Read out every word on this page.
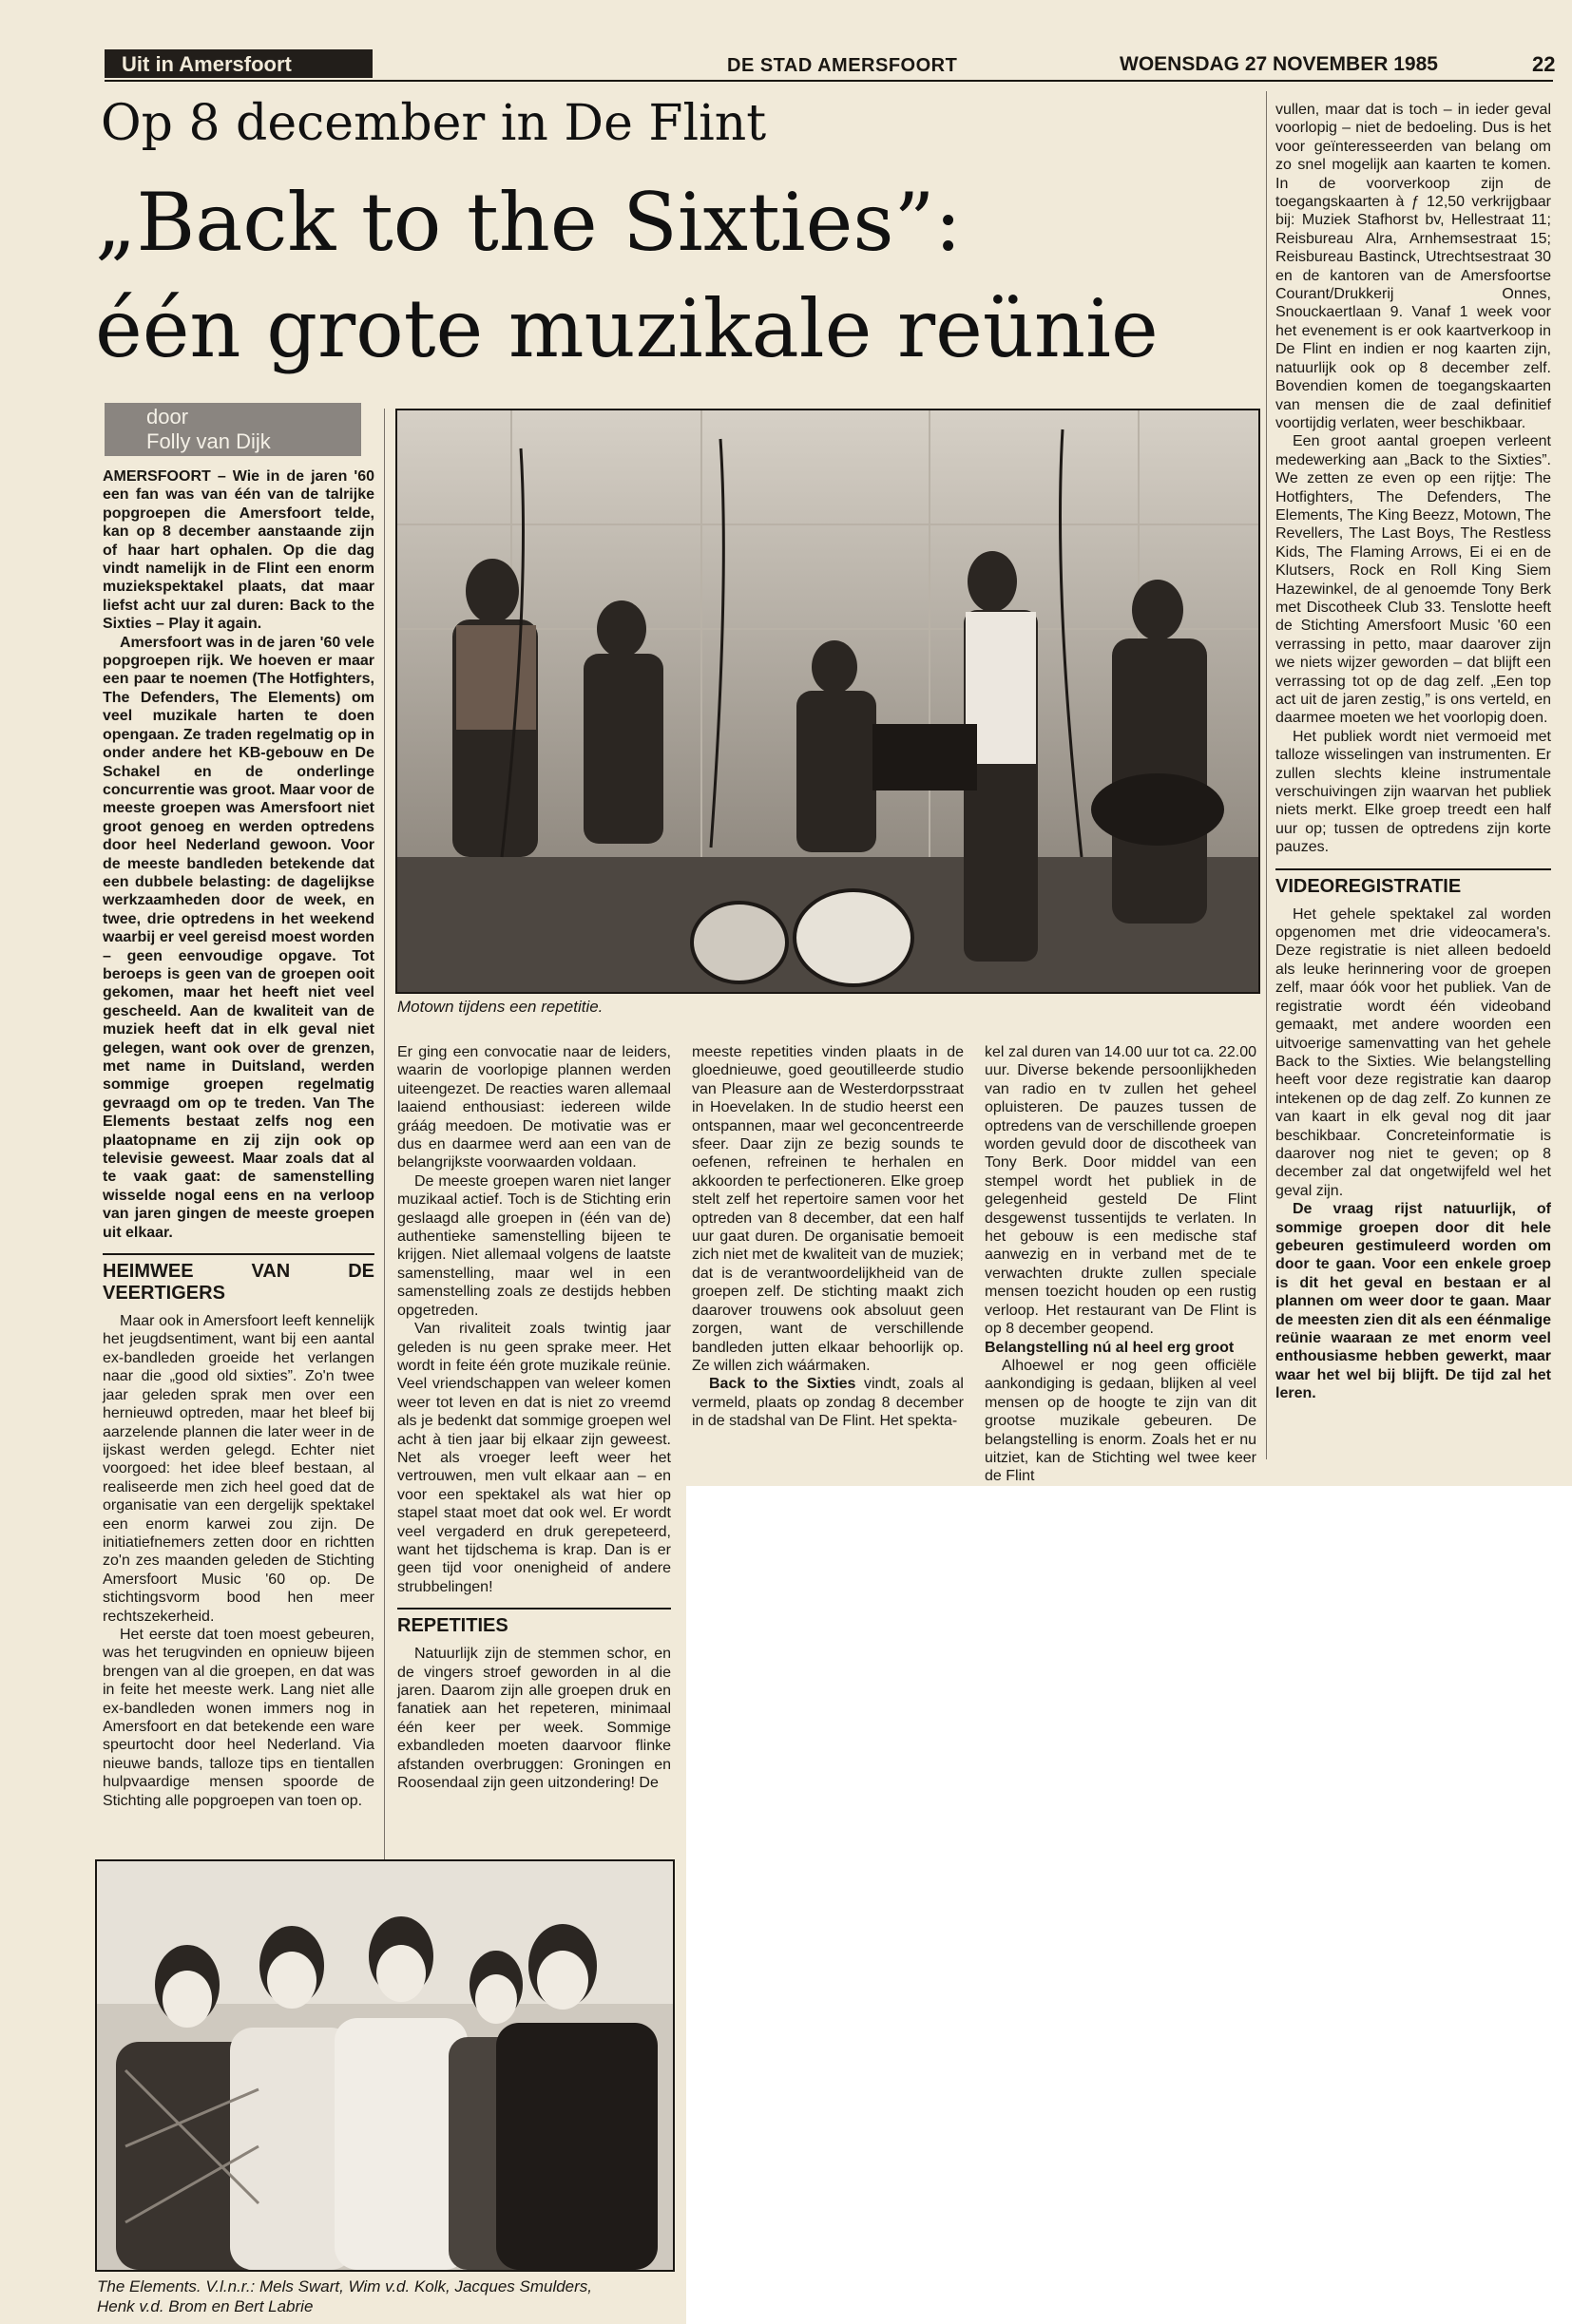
Uit in Amersfoort	DE STAD AMERSFOORT	WOENSDAG 27 NOVEMBER 1985	22
Op 8 december in De Flint
„Back to the Sixties”:
één grote muzikale reünie
door
Folly van Dijk

AMERSFOORT – Wie in de jaren '60 een fan was van één van de talrijke popgroepen die Amersfoort telde, kan op 8 december aanstaande zijn of haar hart ophalen. Op die dag vindt namelijk in de Flint een enorm muziekspektakel plaats, dat maar liefst acht uur zal duren: Back to the Sixties – Play it again.

Amersfoort was in de jaren '60 vele popgroepen rijk. We hoeven er maar een paar te noemen (The Hotfighters, The Defenders, The Elements) om veel muzikale harten te doen opengaan. Ze traden regelmatig op in onder andere het KB-gebouw en De Schakel en de onderlinge concurrentie was groot. Maar voor de meeste groepen was Amersfoort niet groot genoeg en werden optredens door heel Nederland gewoon. Voor de meeste bandleden betekende dat een dubbele belasting: de dagelijkse werkzaamheden door de week, en twee, drie optredens in het weekend waarbij er veel gereisd moest worden – geen eenvoudige opgave. Tot beroeps is geen van de groepen ooit gekomen, maar het heeft niet veel gescheeld. Aan de kwaliteit van de muziek heeft dat in elk geval niet gelegen, want ook over de grenzen, met name in Duitsland, werden sommige groepen regelmatig gevraagd om op te treden. Van The Elements bestaat zelfs nog een plaatopname en zij zijn ook op televisie geweest. Maar zoals dat al te vaak gaat: de samenstelling wisselde nogal eens en na verloop van jaren gingen de meeste groepen uit elkaar.

HEIMWEE VAN DE VEERTIGERS

Maar ook in Amersfoort leeft kennelijk het jeugdsentiment, want bij een aantal ex-bandleden groeide het verlangen naar die „good old sixties”. Zo'n twee jaar geleden sprak men over een hernieuwd optreden, maar het bleef bij aarzelende plannen die later weer in de ijskast werden gelegd. Echter niet voorgoed: het idee bleef bestaan, al realiseerde men zich heel goed dat de organisatie van een dergelijk spektakel een enorm karwei zou zijn. De initiatiefnemers zetten door en richtten zo'n zes maanden geleden de Stichting Amersfoort Music '60 op. De stichtingsvorm bood hen meer rechtszekerheid.

Het eerste dat toen moest gebeuren, was het terugvinden en opnieuw bijeen brengen van al die groepen, en dat was in feite het meeste werk. Lang niet alle ex-bandleden wonen immers nog in Amersfoort en dat betekende een ware speurtocht door heel Nederland. Via nieuwe bands, talloze tips en tientallen hulpvaardige mensen spoorde de Stichting alle popgroepen van toen op.

Motown tijdens een repetitie.

Er ging een convocatie naar de leiders, waarin de voorlopige plannen werden uiteengezet. De reacties waren allemaal laaiend enthousiast: iedereen wilde gráág meedoen. De motivatie was er dus en daarmee werd aan een van de belangrijkste voorwaarden voldaan.

De meeste groepen waren niet langer muzikaal actief. Toch is de Stichting erin geslaagd alle groepen in (één van de) authentieke samenstelling bijeen te krijgen. Niet allemaal volgens de laatste samenstelling, maar wel in een samenstelling zoals ze destijds hebben opgetreden.

Van rivaliteit zoals twintig jaar geleden is nu geen sprake meer. Het wordt in feite één grote muzikale reünie. Veel vriendschappen van weleer komen weer tot leven en dat is niet zo vreemd als je bedenkt dat sommige groepen wel acht à tien jaar bij elkaar zijn geweest. Net als vroeger leeft weer het vertrouwen, men vult elkaar aan – en voor een spektakel als wat hier op stapel staat moet dat ook wel. Er wordt veel vergaderd en druk gerepeteerd, want het tijdschema is krap. Dan is er geen tijd voor onenigheid of andere strubbelingen!

REPETITIES

Natuurlijk zijn de stemmen schor, en de vingers stroef geworden in al die jaren. Daarom zijn alle groepen druk en fanatiek aan het repeteren, minimaal één keer per week. Sommige exbandleden moeten daarvoor flinke afstanden overbruggen: Groningen en Roosendaal zijn geen uitzondering! De

meeste repetities vinden plaats in de gloednieuwe, goed geoutilleerde studio van Pleasure aan de Westerdorpsstraat in Hoevelaken. In de studio heerst een ontspannen, maar wel geconcentreerde sfeer. Daar zijn ze bezig sounds te oefenen, refreinen te herhalen en akkoorden te perfectioneren. Elke groep stelt zelf het repertoire samen voor het optreden van 8 december, dat een half uur gaat duren. De organisatie bemoeit zich niet met de kwaliteit van de muziek; dat is de verantwoordelijkheid van de groepen zelf. De stichting maakt zich daarover trouwens ook absoluut geen zorgen, want de verschillende bandleden jutten elkaar behoorlijk op. Ze willen zich wáármaken.

Back to the Sixties vindt, zoals al vermeld, plaats op zondag 8 december in de stadshal van De Flint. Het spekta-

kel zal duren van 14.00 uur tot ca. 22.00 uur. Diverse bekende persoonlijkheden van radio en tv zullen het geheel opluisteren. De pauzes tussen de optredens van de verschillende groepen worden gevuld door de discotheek van Tony Berk. Door middel van een stempel wordt het publiek in de gelegenheid gesteld De Flint desgewenst tussentijds te verlaten. In het gebouw is een medische staf aanwezig en in verband met de te verwachten drukte zullen speciale mensen toezicht houden op een rustig verloop. Het restaurant van De Flint is op 8 december geopend.

Belangstelling nú al heel erg groot

Alhoewel er nog geen officiële aankondiging is gedaan, blijken al veel mensen op de hoogte te zijn van dit grootse muzikale gebeuren. De belangstelling is enorm. Zoals het er nu uitziet, kan de Stichting wel twee keer de Flint

vullen, maar dat is toch – in ieder geval voorlopig – niet de bedoeling. Dus is het voor geïnteresseerden van belang om zo snel mogelijk aan kaarten te komen. In de voorverkoop zijn de toegangskaarten à ƒ 12,50 verkrijgbaar bij: Muziek Stafhorst bv, Hellestraat 11; Reisbureau Alra, Arnhemsestraat 15; Reisbureau Bastinck, Utrechtsestraat 30 en de kantoren van de Amersfoortse Courant/Drukkerij Onnes, Snouckaertlaan 9. Vanaf 1 week voor het evenement is er ook kaartverkoop in De Flint en indien er nog kaarten zijn, natuurlijk ook op 8 december zelf. Bovendien komen de toegangskaarten van mensen die de zaal definitief voortijdig verlaten, weer beschikbaar.

Een groot aantal groepen verleent medewerking aan „Back to the Sixties”. We zetten ze even op een rijtje: The Hotfighters, The Defenders, The Elements, The King Beezz, Motown, The Revellers, The Last Boys, The Restless Kids, The Flaming Arrows, Ei ei en de Klutsers, Rock en Roll King Siem Hazewinkel, de al genoemde Tony Berk met Discotheek Club 33. Tenslotte heeft de Stichting Amersfoort Music '60 een verrassing in petto, maar daarover zijn we niets wijzer geworden – dat blijft een verrassing tot op de dag zelf. „Een top act uit de jaren zestig,” is ons verteld, en daarmee moeten we het voorlopig doen.

Het publiek wordt niet vermoeid met talloze wisselingen van instrumenten. Er zullen slechts kleine instrumentale verschuivingen zijn waarvan het publiek niets merkt. Elke groep treedt een half uur op; tussen de optredens zijn korte pauzes.

VIDEOREGISTRATIE

Het gehele spektakel zal worden opgenomen met drie videocamera's. Deze registratie is niet alleen bedoeld als leuke herinnering voor de groepen zelf, maar óók voor het publiek. Van de registratie wordt één videoband gemaakt, met andere woorden een uitvoerige samenvatting van het gehele Back to the Sixties. Wie belangstelling heeft voor deze registratie kan daarop intekenen op de dag zelf. Zo kunnen ze van kaart in elk geval nog dit jaar beschikbaar. Concreteinformatie is daarover nog niet te geven; op 8 december zal dat ongetwijfeld wel het geval zijn.

De vraag rijst natuurlijk, of sommige groepen door dit hele gebeuren gestimuleerd worden om door te gaan. Voor een enkele groep is dit het geval en bestaan er al plannen om weer door te gaan. Maar de meesten zien dit als een éénmalige reünie waaraan ze met enorm veel enthousiasme hebben gewerkt, maar waar het wel bij blijft. De tijd zal het leren.

The Elements. V.l.n.r.: Mels Swart, Wim v.d. Kolk, Jacques Smulders,
Henk v.d. Brom en Bert Labrie
